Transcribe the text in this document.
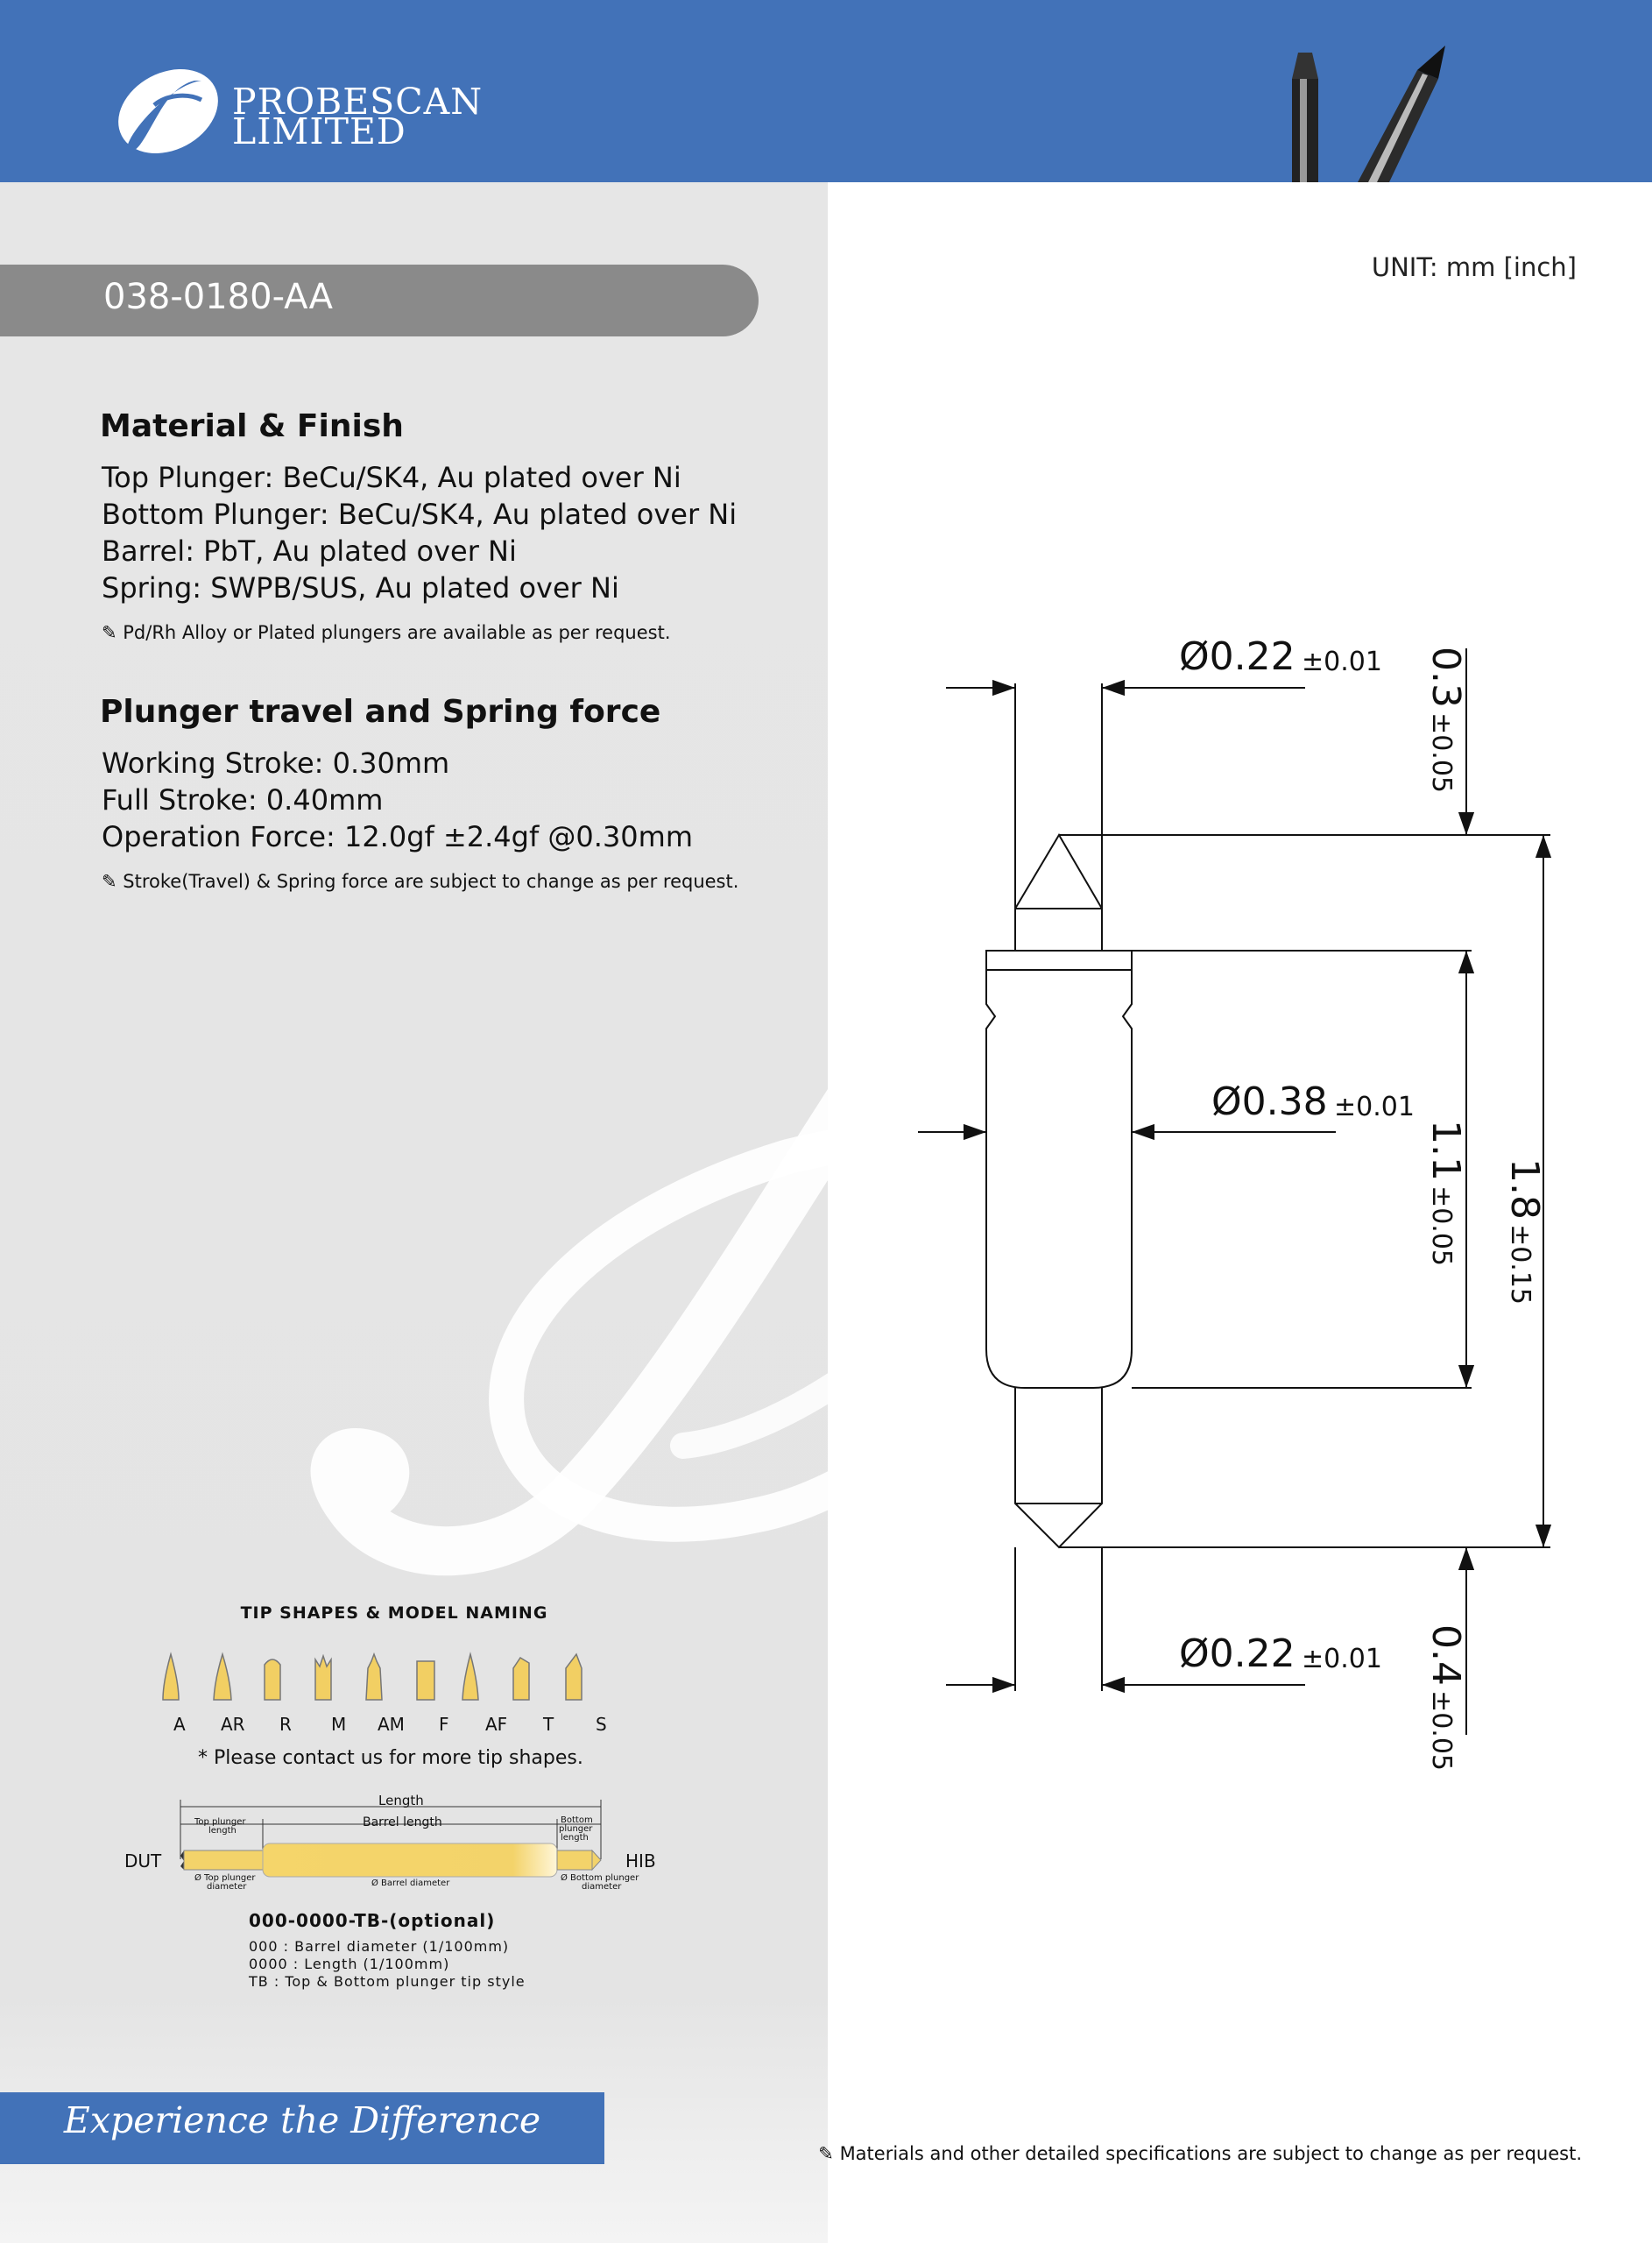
PROBESCAN
LIMITED
038-0180-AA
UNIT: mm [inch]
Material & Finish
Top Plunger: BeCu/SK4, Au plated over Ni
Bottom Plunger: BeCu/SK4, Au plated over Ni
Barrel: PbT, Au plated over Ni
Spring: SWPB/SUS, Au plated over Ni
✎ Pd/Rh Alloy or Plated plungers are available as per request.
Plunger travel and Spring force
Working Stroke: 0.30mm
Full Stroke: 0.40mm
Operation Force: 12.0gf ±2.4gf @0.30mm
✎ Stroke(Travel) & Spring force are subject to change as per request.
Ø0.22 ±0.01
Ø0.38 ±0.01
Ø0.22 ±0.01
0.3 ±0.05
1.1 ±0.05 1.8 ±0.15
0.4 ±0.05
TIP SHAPES & MODEL NAMING
A AR R M AM F AF T S
* Please contact us for more tip shapes.
Length
Top plunger
length
Barrel length	Bottom
plunger
length
DUT	HIB
Ø Top plunger
diameter	Ø Barrel diameter
Ø Bottom plunger
diameter
000-0000-TB-(optional)
000 : Barrel diameter (1/100mm)
0000 : Length (1/100mm)
TB : Top & Bottom plunger tip style
Experience the Difference
✎ Materials and other detailed specifications are subject to change as per request.
